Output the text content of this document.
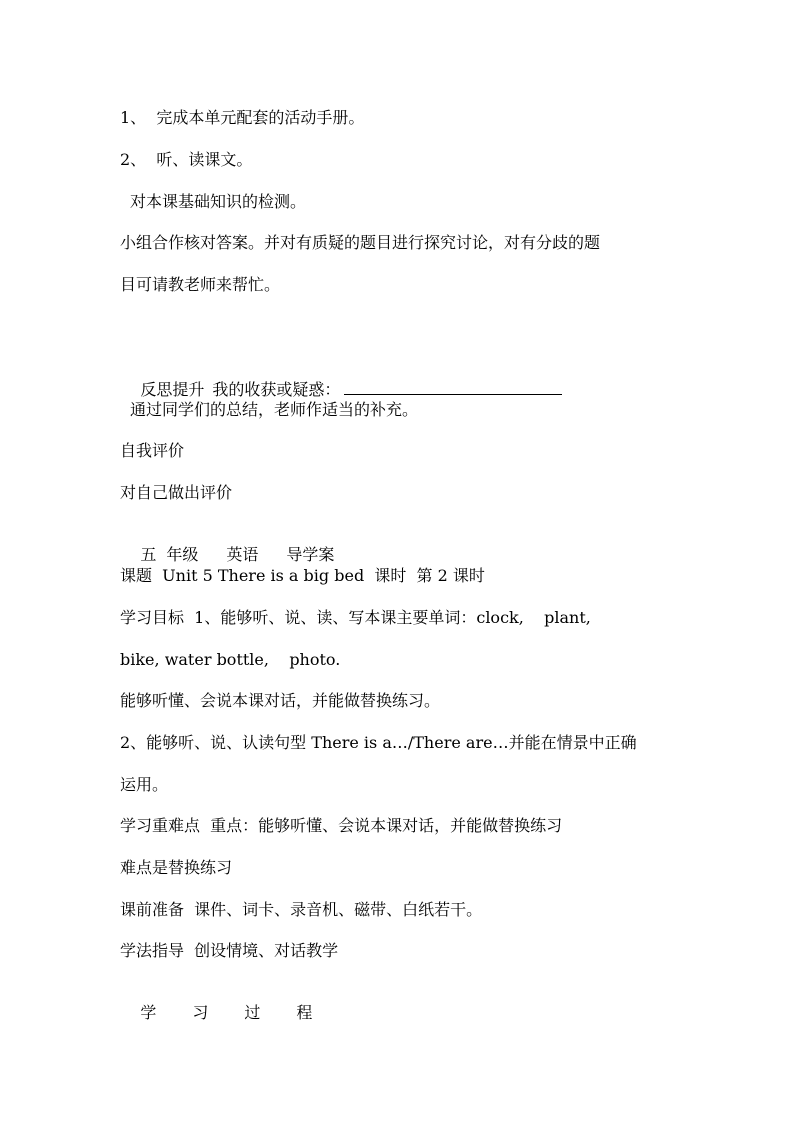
1、  完成本单元配套的活动手册。
2、  听、读课文。
对本课基础知识的检测。
小组合作核对答案。并对有质疑的题目进行探究讨论，对有分歧的题
目可请教老师来帮忙。

反思提升 我的收获或疑惑：

通过同学们的总结，老师作适当的补充。
自我评价
对自己做出评价

五 年级 英语 导学案

课题  Unit 5 There is a big bed  课时  第 2 课时
学习目标  1、能够听、说、读、写本课主要单词：clock,    plant,
bike, water bottle,    photo.
能够听懂、会说本课对话，并能做替换练习。
2、能够听、说、认读句型 There is a…/There are…并能在情景中正确
运用。
学习重难点  重点：能够听懂、会说本课对话，并能做替换练习
难点是替换练习
课前准备  课件、词卡、录音机、磁带、白纸若干。
学法指导  创设情境、对话教学

学 习 过 程
